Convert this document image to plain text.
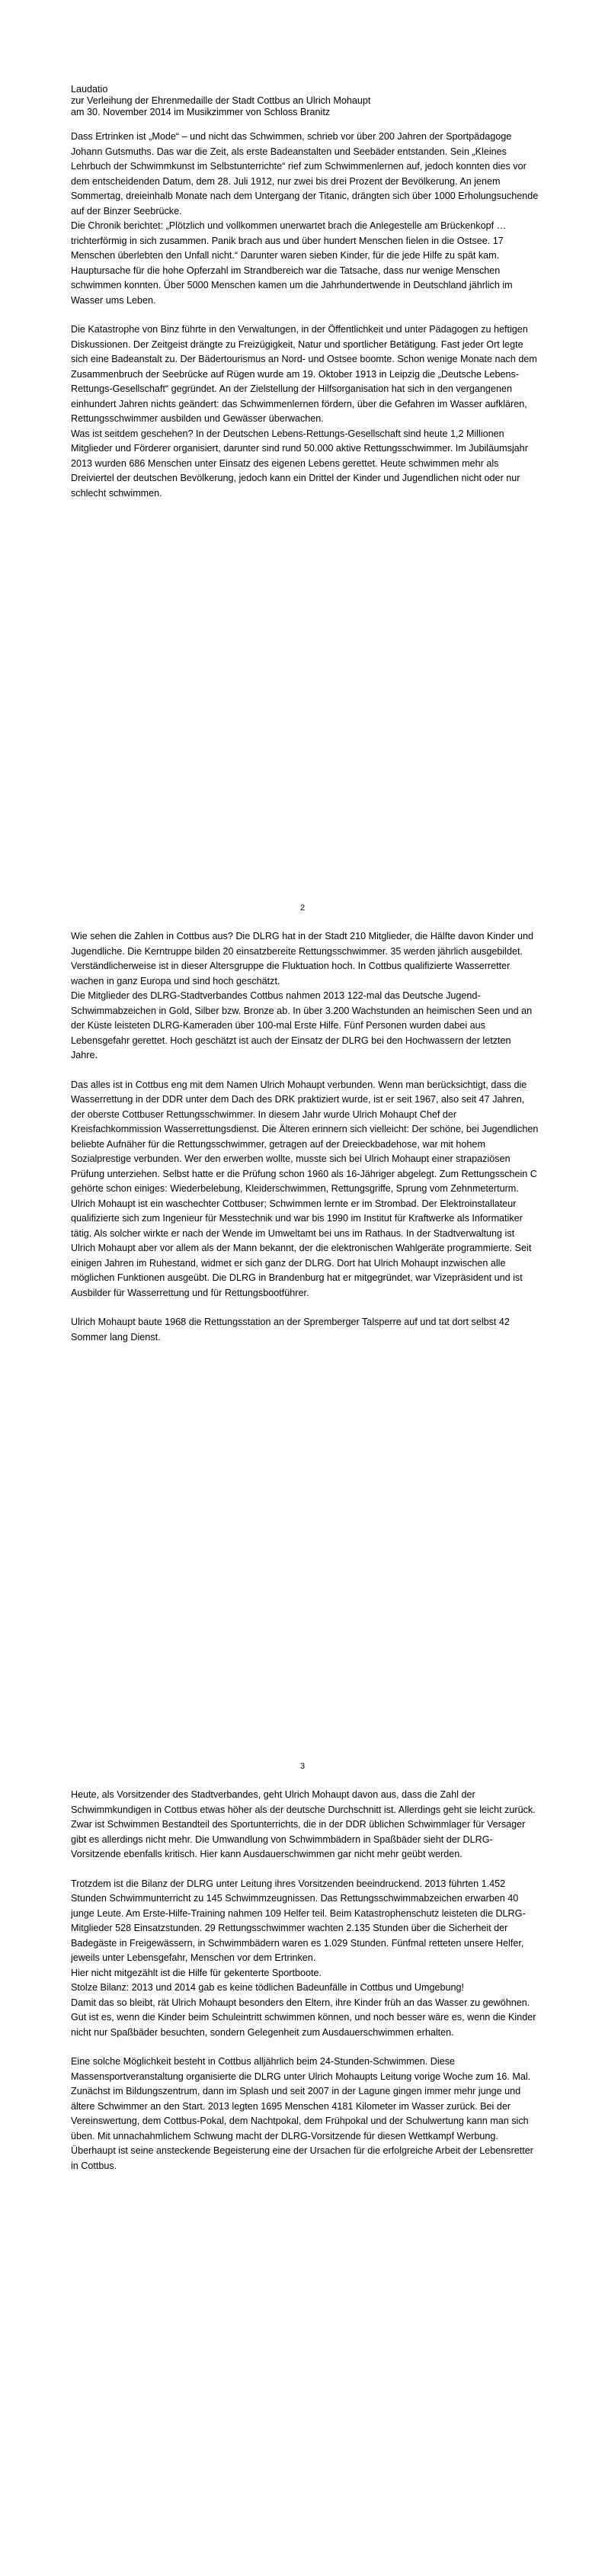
Laudatio
zur Verleihung der Ehrenmedaille der Stadt Cottbus an Ulrich Mohaupt
am 30. November 2014 im Musikzimmer von Schloss Branitz

Dass Ertrinken ist „Mode“ – und nicht das Schwimmen, schrieb vor über 200 Jahren der Sportpädagoge Johann Gutsmuths. Das war die Zeit, als erste Badeanstalten und Seebäder entstanden. Sein „Kleines Lehrbuch der Schwimmkunst im Selbstunterrichte“ rief zum Schwimmenlernen auf, jedoch konnten dies vor dem entscheidenden Datum, dem 28. Juli 1912, nur zwei bis drei Prozent der Bevölkerung. An jenem Sommertag, dreieinhalb Monate nach dem Untergang der Titanic, drängten sich über 1000 Erholungsuchende auf der Binzer Seebrücke.
Die Chronik berichtet: „Plötzlich und vollkommen unerwartet brach die Anlegestelle am Brückenkopf … trichterförmig in sich zusammen. Panik brach aus und über hundert Menschen fielen in die Ostsee. 17 Menschen überlebten den Unfall nicht.“ Darunter waren sieben Kinder, für die jede Hilfe zu spät kam. Hauptursache für die hohe Opferzahl im Strandbereich war die Tatsache, dass nur wenige Menschen schwimmen konnten. Über 5000 Menschen kamen um die Jahrhundertwende in Deutschland jährlich im Wasser ums Leben.

Die Katastrophe von Binz führte in den Verwaltungen, in der Öffentlichkeit und unter Pädagogen zu heftigen Diskussionen. Der Zeitgeist drängte zu Freizügigkeit, Natur und sportlicher Betätigung. Fast jeder Ort legte sich eine Badeanstalt zu. Der Bädertourismus an Nord- und Ostsee boomte. Schon wenige Monate nach dem Zusammenbruch der Seebrücke auf Rügen wurde am 19. Oktober 1913 in Leipzig die „Deutsche Lebens-Rettungs-Gesellschaft“ gegründet. An der Zielstellung der Hilfsorganisation hat sich in den vergangenen einhundert Jahren nichts geändert: das Schwimmenlernen fördern, über die Gefahren im Wasser aufklären, Rettungsschwimmer ausbilden und Gewässer überwachen.
Was ist seitdem geschehen? In der Deutschen Lebens-Rettungs-Gesellschaft sind heute 1,2 Millionen Mitglieder und Förderer organisiert, darunter sind rund 50.000 aktive Rettungsschwimmer. Im Jubiläumsjahr 2013 wurden 686 Menschen unter Einsatz des eigenen Lebens gerettet. Heute schwimmen mehr als Dreiviertel der deutschen Bevölkerung, jedoch kann ein Drittel der Kinder und Jugendlichen nicht oder nur schlecht schwimmen.

2

Wie sehen die Zahlen in Cottbus aus? Die DLRG hat in der Stadt 210 Mitglieder, die Hälfte davon Kinder und Jugendliche. Die Kerntruppe bilden 20 einsatzbereite Rettungsschwimmer. 35 werden jährlich ausgebildet. Verständlicherweise ist in dieser Altersgruppe die Fluktuation hoch. In Cottbus qualifizierte Wasserretter wachen in ganz Europa und sind hoch geschätzt.
Die Mitglieder des DLRG-Stadtverbandes Cottbus nahmen 2013 122-mal das Deutsche Jugend-Schwimmabzeichen in Gold, Silber bzw. Bronze ab. In über 3.200 Wachstunden an heimischen Seen und an der Küste leisteten DLRG-Kameraden über 100-mal Erste Hilfe. Fünf Personen wurden dabei aus Lebensgefahr gerettet. Hoch geschätzt ist auch der Einsatz der DLRG bei den Hochwassern der letzten Jahre.

Das alles ist in Cottbus eng mit dem Namen Ulrich Mohaupt verbunden. Wenn man berücksichtigt, dass die Wasserrettung in der DDR unter dem Dach des DRK praktiziert wurde, ist er seit 1967, also seit 47 Jahren, der oberste Cottbuser Rettungsschwimmer. In diesem Jahr wurde Ulrich Mohaupt Chef der Kreisfachkommission Wasserrettungsdienst. Die Älteren erinnern sich vielleicht: Der schöne, bei Jugendlichen beliebte Aufnäher für die Rettungsschwimmer, getragen auf der Dreieckbadehose, war mit hohem Sozialprestige verbunden. Wer den erwerben wollte, musste sich bei Ulrich Mohaupt einer strapaziösen Prüfung unterziehen. Selbst hatte er die Prüfung schon 1960 als 16-Jähriger abgelegt. Zum Rettungsschein C gehörte schon einiges: Wiederbelebung, Kleiderschwimmen, Rettungsgriffe, Sprung vom Zehnmeterturm.
Ulrich Mohaupt ist ein waschechter Cottbuser; Schwimmen lernte er im Strombad. Der Elektroinstallateur qualifizierte sich zum Ingenieur für Messtechnik und war bis 1990 im Institut für Kraftwerke als Informatiker tätig. Als solcher wirkte er nach der Wende im Umweltamt bei uns im Rathaus. In der Stadtverwaltung ist Ulrich Mohaupt aber vor allem als der Mann bekannt, der die elektronischen Wahlgeräte programmierte. Seit einigen Jahren im Ruhestand, widmet er sich ganz der DLRG. Dort hat Ulrich Mohaupt inzwischen alle möglichen Funktionen ausgeübt. Die DLRG in Brandenburg hat er mitgegründet, war Vizepräsident und ist Ausbilder für Wasserrettung und für Rettungsbootführer.

Ulrich Mohaupt baute 1968 die Rettungsstation an der Spremberger Talsperre auf und tat dort selbst 42 Sommer lang Dienst.

3

Heute, als Vorsitzender des Stadtverbandes, geht Ulrich Mohaupt davon aus, dass die Zahl der Schwimmkundigen in Cottbus etwas höher als der deutsche Durchschnitt ist. Allerdings geht sie leicht zurück. Zwar ist Schwimmen Bestandteil des Sportunterrichts, die in der DDR üblichen Schwimmlager für Versager gibt es allerdings nicht mehr. Die Umwandlung von Schwimmbädern in Spaßbäder sieht der DLRG-Vorsitzende ebenfalls kritisch. Hier kann Ausdauerschwimmen gar nicht mehr geübt werden.

Trotzdem ist die Bilanz der DLRG unter Leitung ihres Vorsitzenden beeindruckend. 2013 führten 1.452 Stunden Schwimmunterricht zu 145 Schwimmzeugnissen. Das Rettungsschwimmabzeichen erwarben 40 junge Leute. Am Erste-Hilfe-Training nahmen 109 Helfer teil. Beim Katastrophenschutz leisteten die DLRG-Mitglieder 528 Einsatzstunden. 29 Rettungsschwimmer wachten 2.135 Stunden über die Sicherheit der Badegäste in Freigewässern, in Schwimmbädern waren es 1.029 Stunden. Fünfmal retteten unsere Helfer, jeweils unter Lebensgefahr, Menschen vor dem Ertrinken.
Hier nicht mitgezählt ist die Hilfe für gekenterte Sportboote.
Stolze Bilanz: 2013 und 2014 gab es keine tödlichen Badeunfälle in Cottbus und Umgebung!
Damit das so bleibt, rät Ulrich Mohaupt besonders den Eltern, ihre Kinder früh an das Wasser zu gewöhnen. Gut ist es, wenn die Kinder beim Schuleintritt schwimmen können, und noch besser wäre es, wenn die Kinder nicht nur Spaßbäder besuchten, sondern Gelegenheit zum Ausdauerschwimmen erhalten.

Eine solche Möglichkeit besteht in Cottbus alljährlich beim 24-Stunden-Schwimmen. Diese Massensportveranstaltung organisierte die DLRG unter Ulrich Mohaupts Leitung vorige Woche zum 16. Mal. Zunächst im Bildungszentrum, dann im Splash und seit 2007 in der Lagune gingen immer mehr junge und ältere Schwimmer an den Start. 2013 legten 1695 Menschen 4181 Kilometer im Wasser zurück. Bei der Vereinswertung, dem Cottbus-Pokal, dem Nachtpokal, dem Frühpokal und der Schulwertung kann man sich üben. Mit unnachahmlichem Schwung macht der DLRG-Vorsitzende für diesen Wettkampf Werbung. Überhaupt ist seine ansteckende Begeisterung eine der Ursachen für die erfolgreiche Arbeit der Lebensretter in Cottbus.
